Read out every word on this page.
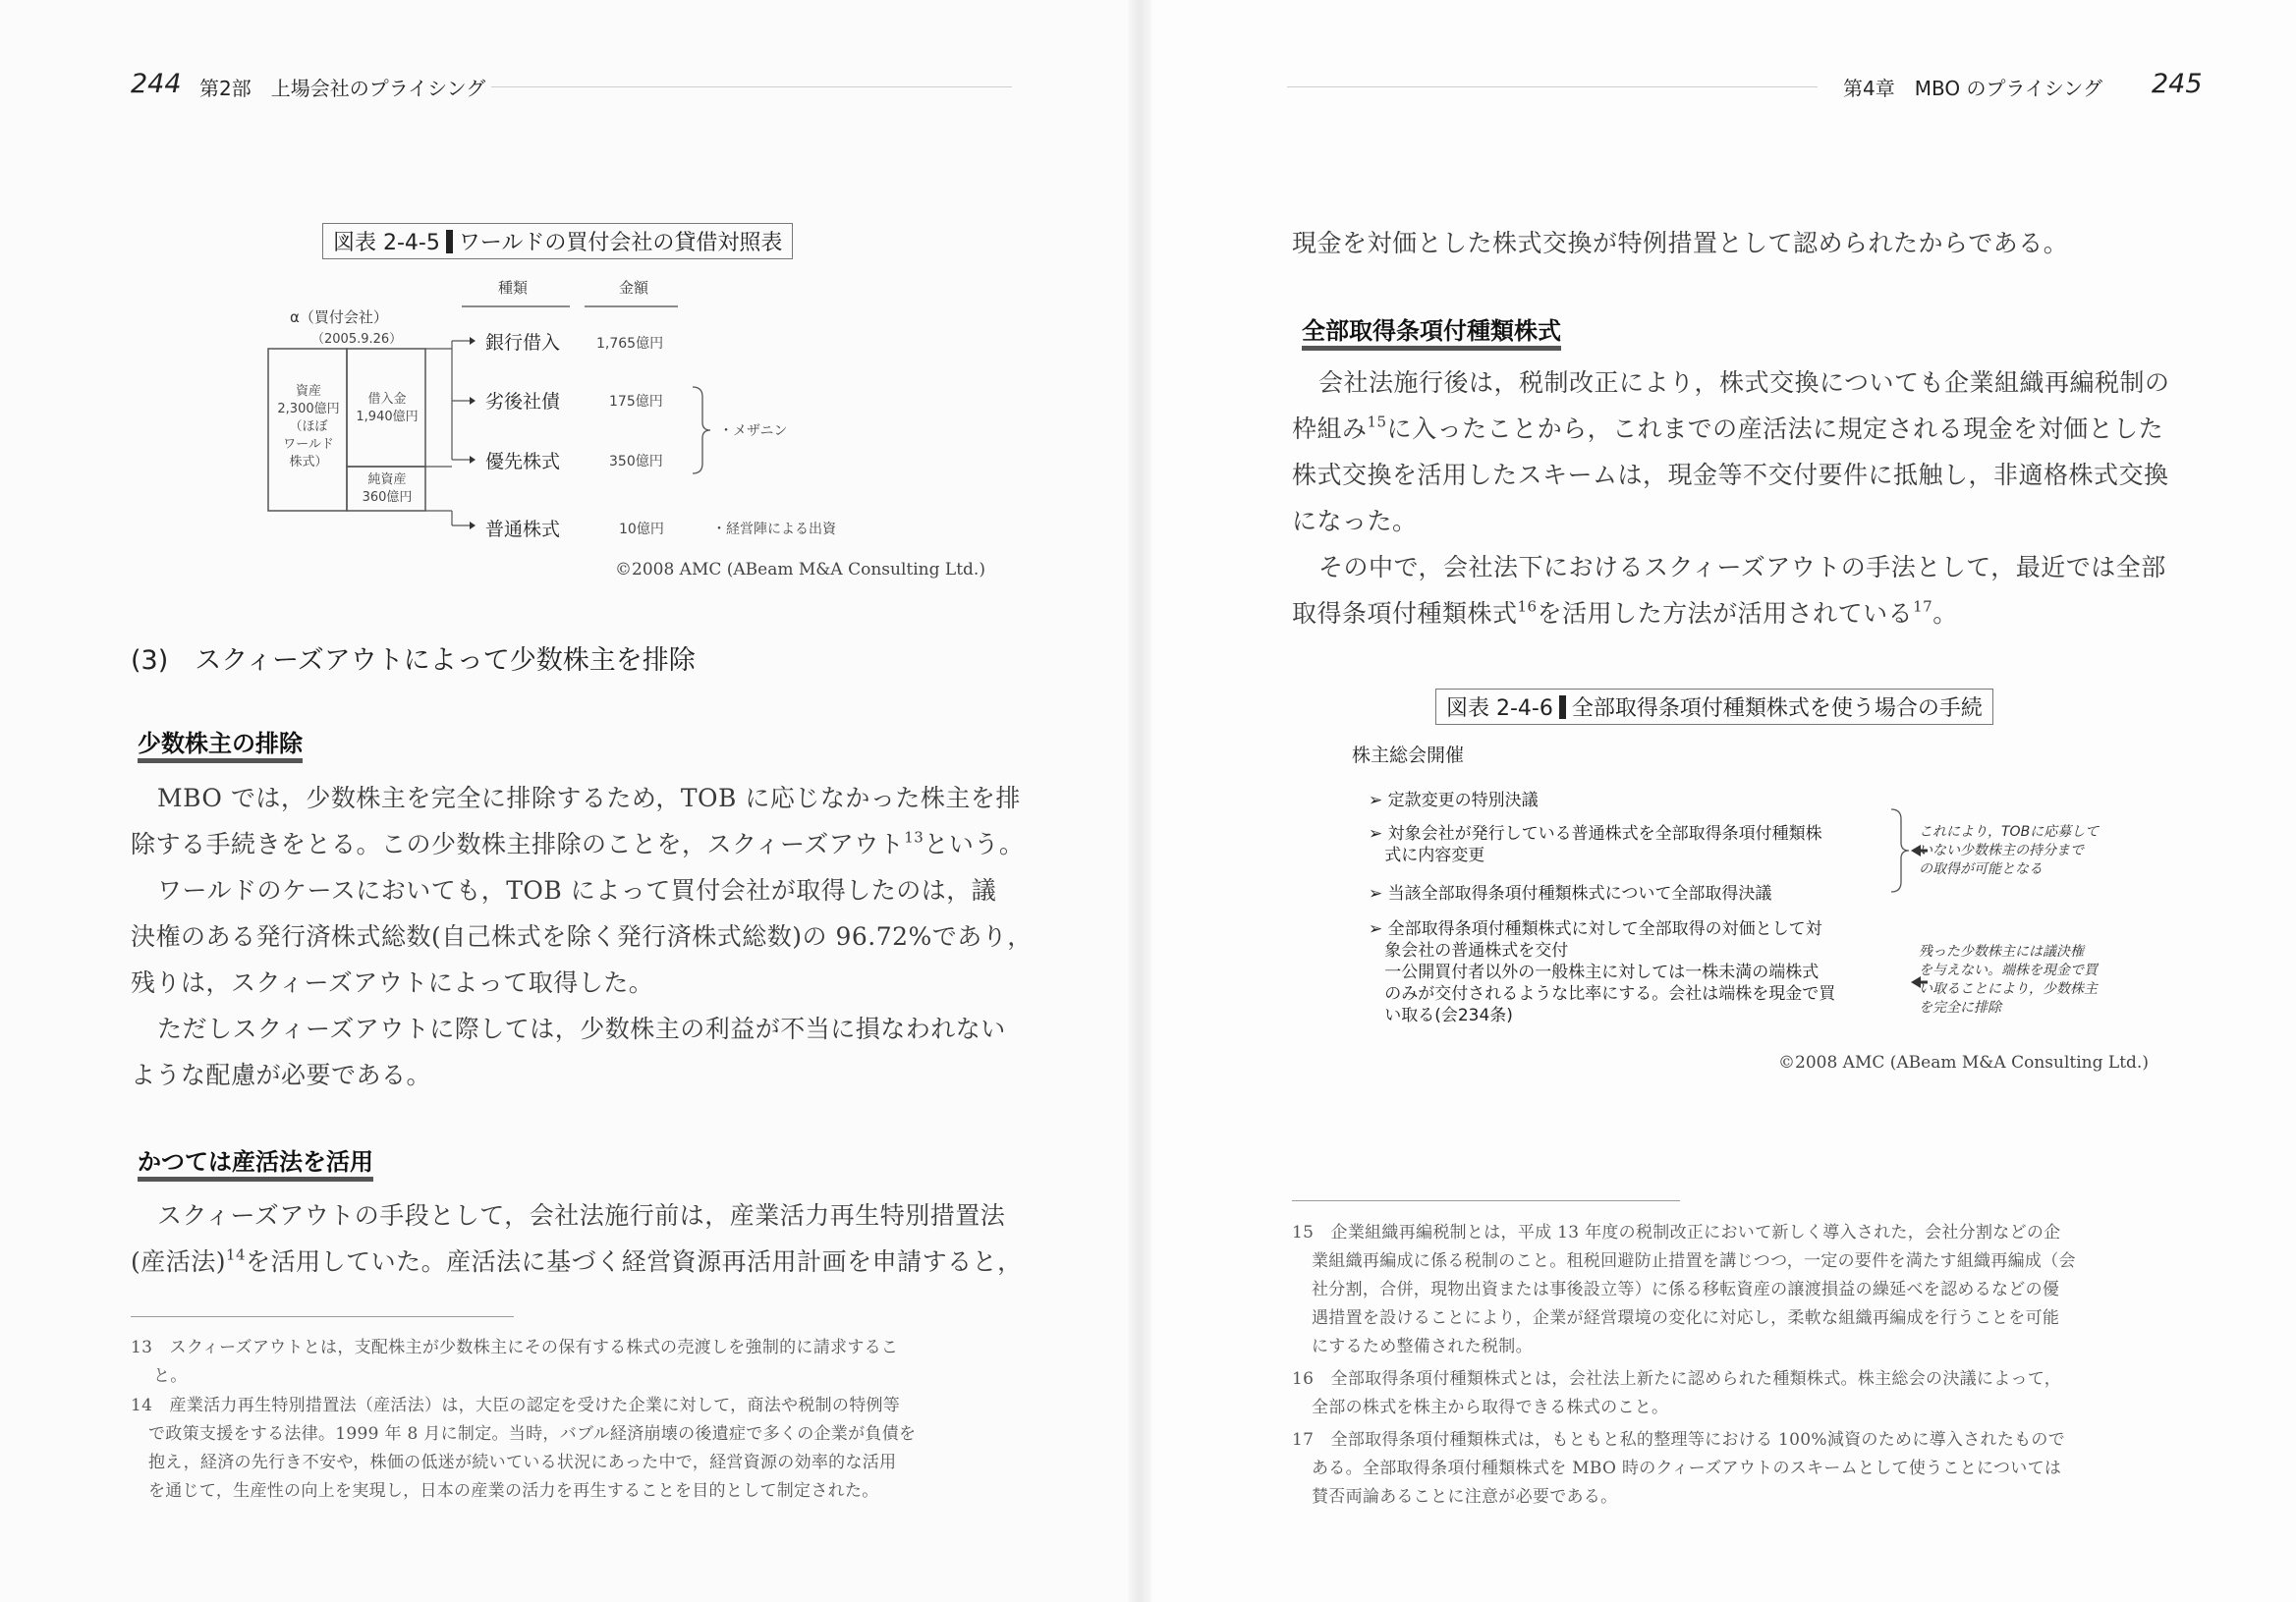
244 第2部　上場会社のプライシング
図表 2-4-5 ワールドの買付会社の貸借対照表
種類	金額
α（買付会社）
（2005.9.26）
資産
2,300億円
（ほぼ
ワールド
株式）
借入金
1,940億円
純資産
360億円
銀行借入	1,765億円
劣後社債	175億円
優先株式	350億円
普通株式	10億円
・メザニン
・経営陣による出資
©2008 AMC (ABeam M&A Consulting Ltd.)
(3)　スクィーズアウトによって少数株主を排除
少数株主の排除
MBO では，少数株主を完全に排除するため，TOB に応じなかった株主を排
除する手続きをとる。この少数株主排除のことを，スクィーズアウト$^{13}$という。
ワールドのケースにおいても，TOB によって買付会社が取得したのは，議
決権のある発行済株式総数(自己株式を除く発行済株式総数)の 96.72%であり，
残りは，スクィーズアウトによって取得した。
ただしスクィーズアウトに際しては，少数株主の利益が不当に損なわれない
ような配慮が必要である。
かつては産活法を活用
スクィーズアウトの手段として，会社法施行前は，産業活力再生特別措置法
(産活法)$^{14}$を活用していた。産活法に基づく経営資源再活用計画を申請すると，
13　スクィーズアウトとは，支配株主が少数株主にその保有する株式の売渡しを強制的に請求するこ
と。
14　産業活力再生特別措置法（産活法）は，大臣の認定を受けた企業に対して，商法や税制の特例等
で政策支援をする法律。1999 年 8 月に制定。当時，バブル経済崩壊の後遺症で多くの企業が負債を
抱え，経済の先行き不安や，株価の低迷が続いている状況にあった中で，経営資源の効率的な活用
を通じて，生産性の向上を実現し，日本の産業の活力を再生することを目的として制定された。
第4章　MBO のプライシング 245
現金を対価とした株式交換が特例措置として認められたからである。
全部取得条項付種類株式
会社法施行後は，税制改正により，株式交換についても企業組織再編税制の
枠組み$^{15}$に入ったことから，これまでの産活法に規定される現金を対価とした
株式交換を活用したスキームは，現金等不交付要件に抵触し，非適格株式交換
になった。
その中で，会社法下におけるスクィーズアウトの手法として，最近では全部
取得条項付種類株式$^{16}$を活用した方法が活用されている$^{17}$。
図表 2-4-6 全部取得条項付種類株式を使う場合の手続
株主総会開催
➢ 定款変更の特別決議
➢ 対象会社が発行している普通株式を全部取得条項付種類株
式に内容変更
➢ 当該全部取得条項付種類株式について全部取得決議
➢ 全部取得条項付種類株式に対して全部取得の対価として対
象会社の普通株式を交付
一公開買付者以外の一般株主に対しては一株未満の端株式
のみが交付されるような比率にする。会社は端株を現金で買
い取る(会234条)
これにより，TOBに応募して
いない少数株主の持分まで
の取得が可能となる
残った少数株主には議決権
を与えない。端株を現金で買
い取ることにより，少数株主
を完全に排除
©2008 AMC (ABeam M&A Consulting Ltd.)
15　企業組織再編税制とは，平成 13 年度の税制改正において新しく導入された，会社分割などの企
業組織再編成に係る税制のこと。租税回避防止措置を講じつつ，一定の要件を満たす組織再編成（会
社分割，合併，現物出資または事後設立等）に係る移転資産の譲渡損益の繰延べを認めるなどの優
遇措置を設けることにより，企業が経営環境の変化に対応し，柔軟な組織再編成を行うことを可能
にするため整備された税制。
16　全部取得条項付種類株式とは，会社法上新たに認められた種類株式。株主総会の決議によって，
全部の株式を株主から取得できる株式のこと。
17　全部取得条項付種類株式は，もともと私的整理等における 100%減資のために導入されたもので
ある。全部取得条項付種類株式を MBO 時のクィーズアウトのスキームとして使うことについては
賛否両論あることに注意が必要である。
